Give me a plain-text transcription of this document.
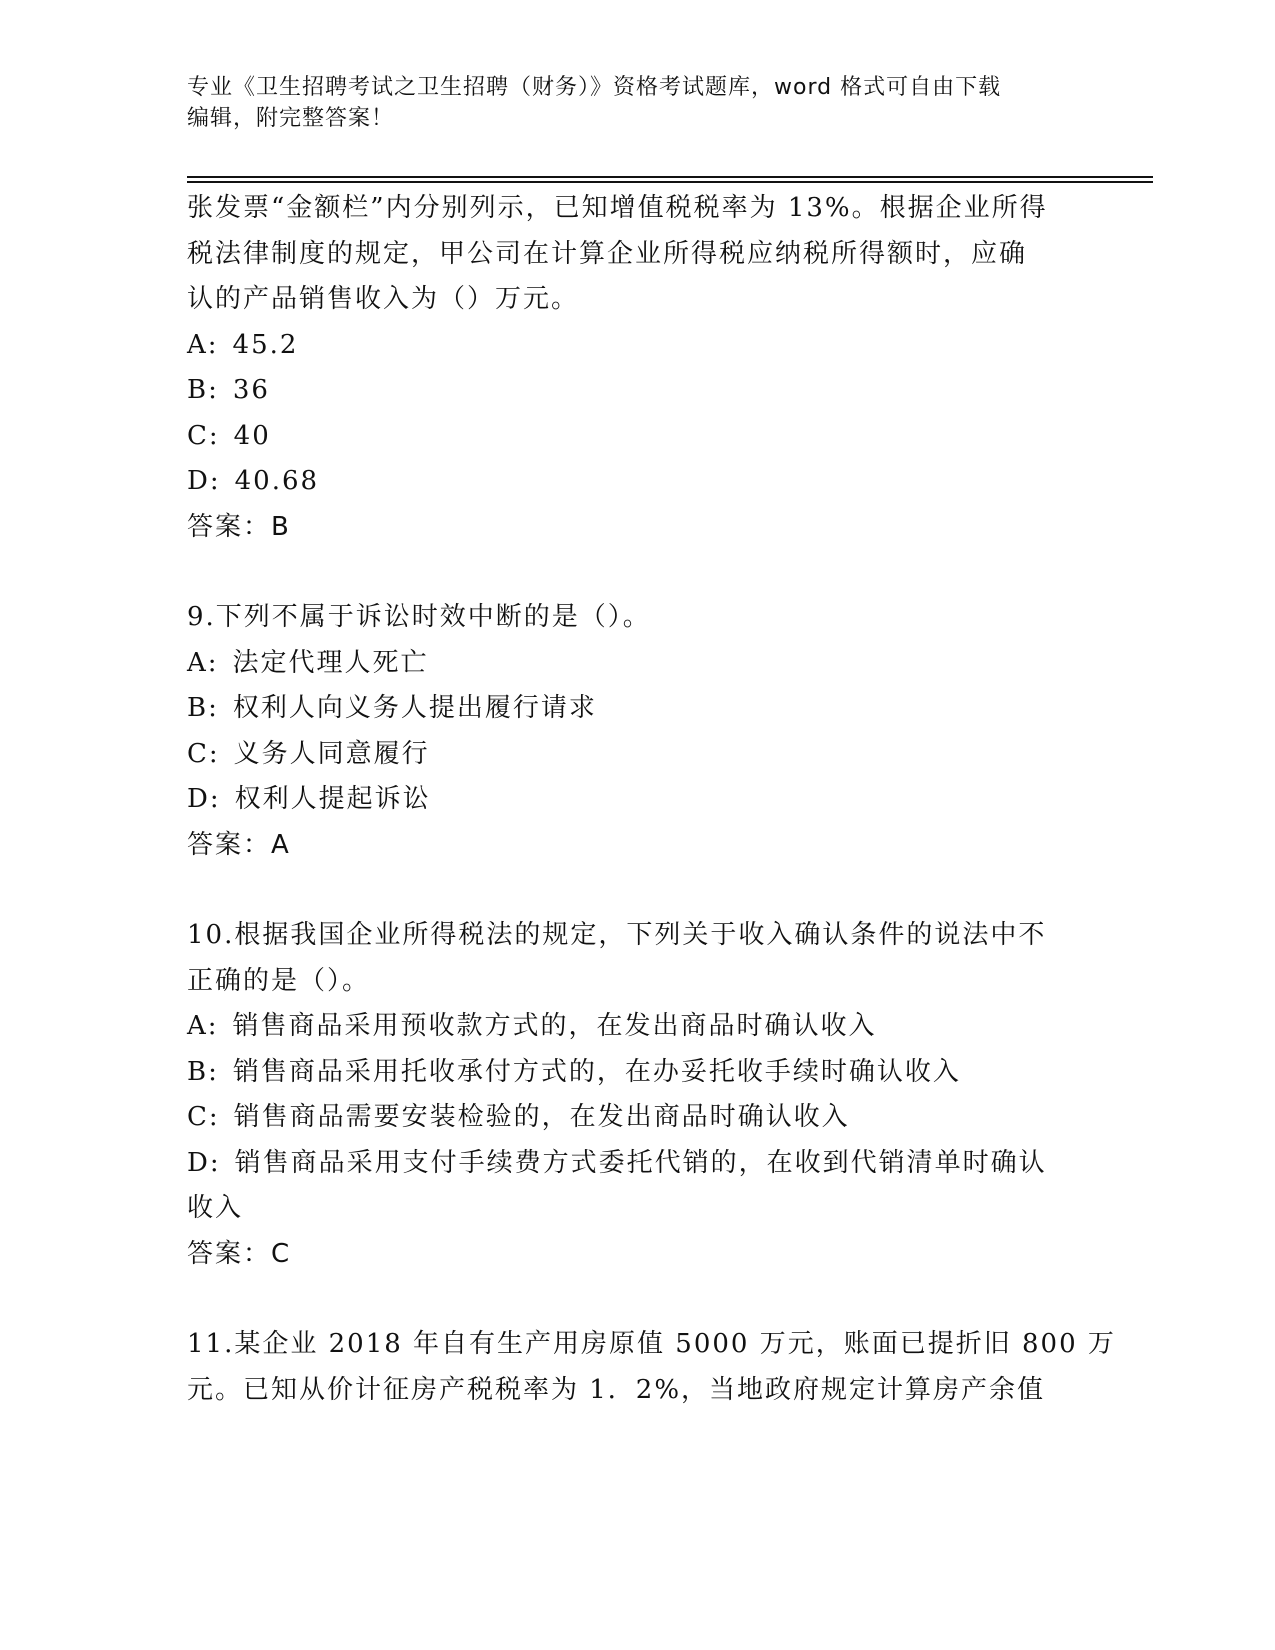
专业《卫生招聘考试之卫生招聘（财务）》资格考试题库，word 格式可自由下载
编辑，附完整答案！
张发票“金额栏”内分别列示，已知增值税税率为 13%。根据企业所得
税法律制度的规定，甲公司在计算企业所得税应纳税所得额时，应确
认的产品销售收入为（）万元。
A: 45.2
B: 36
C: 40
D: 40.68
答案：B
9.下列不属于诉讼时效中断的是（）。
A: 法定代理人死亡
B: 权利人向义务人提出履行请求
C: 义务人同意履行
D: 权利人提起诉讼
答案：A
10.根据我国企业所得税法的规定，下列关于收入确认条件的说法中不
正确的是（）。
A: 销售商品采用预收款方式的，在发出商品时确认收入
B: 销售商品采用托收承付方式的，在办妥托收手续时确认收入
C: 销售商品需要安装检验的，在发出商品时确认收入
D: 销售商品采用支付手续费方式委托代销的，在收到代销清单时确认
收入
答案：C
11.某企业 2018 年自有生产用房原值 5000 万元，账面已提折旧 800 万
元。已知从价计征房产税税率为 1．2%，当地政府规定计算房产余值
